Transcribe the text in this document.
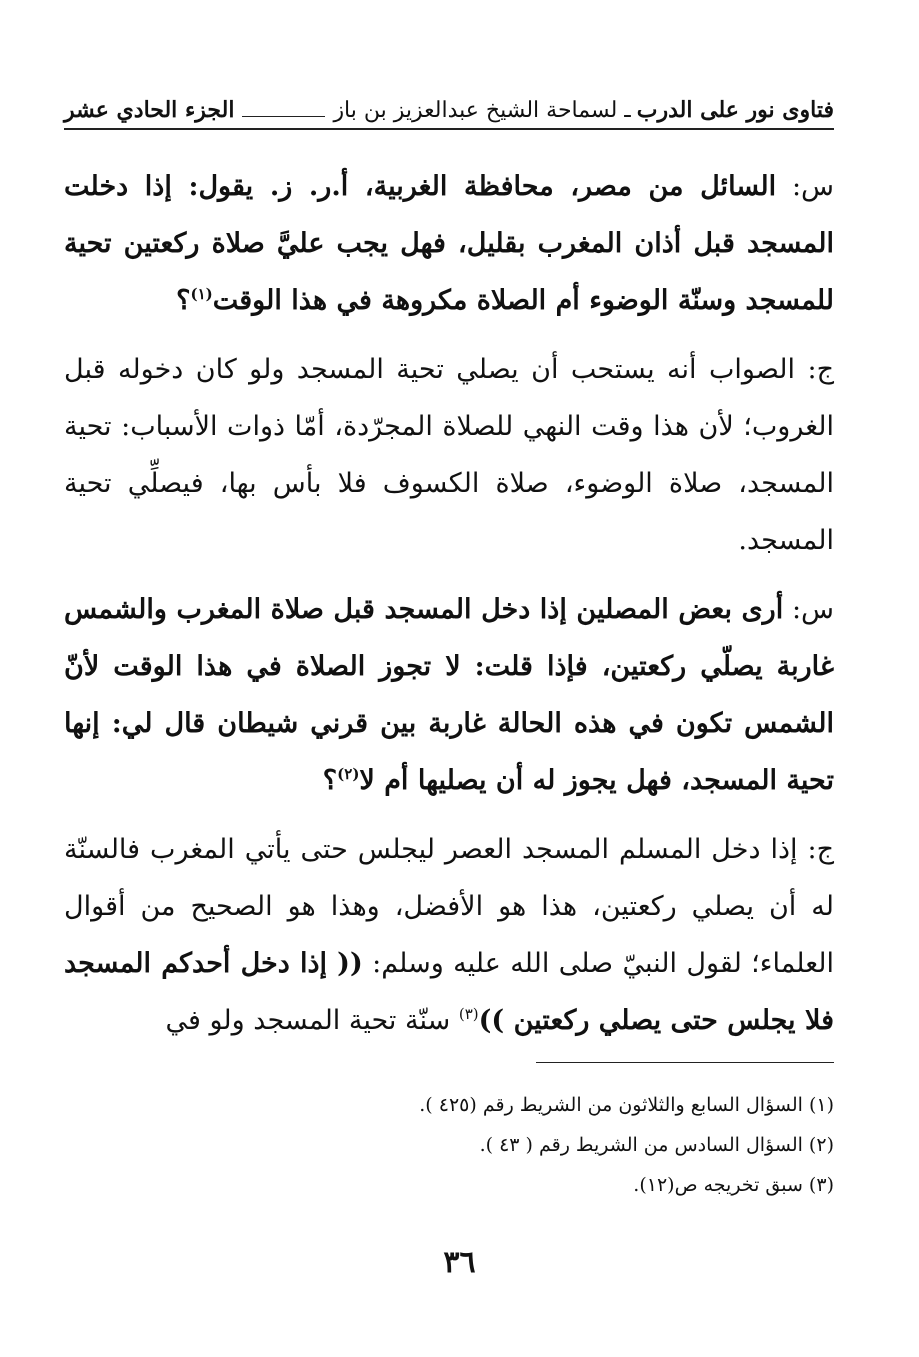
فتاوى نور على الدرب
ـ لسماحة الشيخ عبدالعزيز بن باز
الجزء الحادي عشر

س: السائل من مصر، محافظة الغربية، أ.ر. ز. يقول: إذا دخلت المسجد قبل أذان المغرب بقليل، فهل يجب عليَّ صلاة ركعتين تحية للمسجد وسنّة الوضوء أم الصلاة مكروهة في هذا الوقت$^{(١)}$؟

ج: الصواب أنه يستحب أن يصلي تحية المسجد ولو كان دخوله قبل الغروب؛ لأن هذا وقت النهي للصلاة المجرّدة، أمّا ذوات الأسباب: تحية المسجد، صلاة الوضوء، صلاة الكسوف فلا بأس بها، فيصلِّي تحية المسجد.

س: أرى بعض المصلين إذا دخل المسجد قبل صلاة المغرب والشمس غاربة يصلّي ركعتين، فإذا قلت: لا تجوز الصلاة في هذا الوقت لأنّ الشمس تكون في هذه الحالة غاربة بين قرني شيطان قال لي: إنها تحية المسجد، فهل يجوز له أن يصليها أم لا$^{(٢)}$؟

ج: إذا دخل المسلم المسجد العصر ليجلس حتى يأتي المغرب فالسنّة له أن يصلي ركعتين، هذا هو الأفضل، وهذا هو الصحيح من أقوال العلماء؛ لقول النبيّ صلى الله عليه وسلم: (( إذا دخل أحدكم المسجد فلا يجلس حتى يصلي ركعتين ))$^{(٣)}$ سنّة تحية المسجد ولو في

(١) السؤال السابع والثلاثون من الشريط رقم (٤٢٥ ).
(٢) السؤال السادس من الشريط رقم ( ٤٣ ).
(٣) سبق تخريجه ص(١٢).
٣٦
